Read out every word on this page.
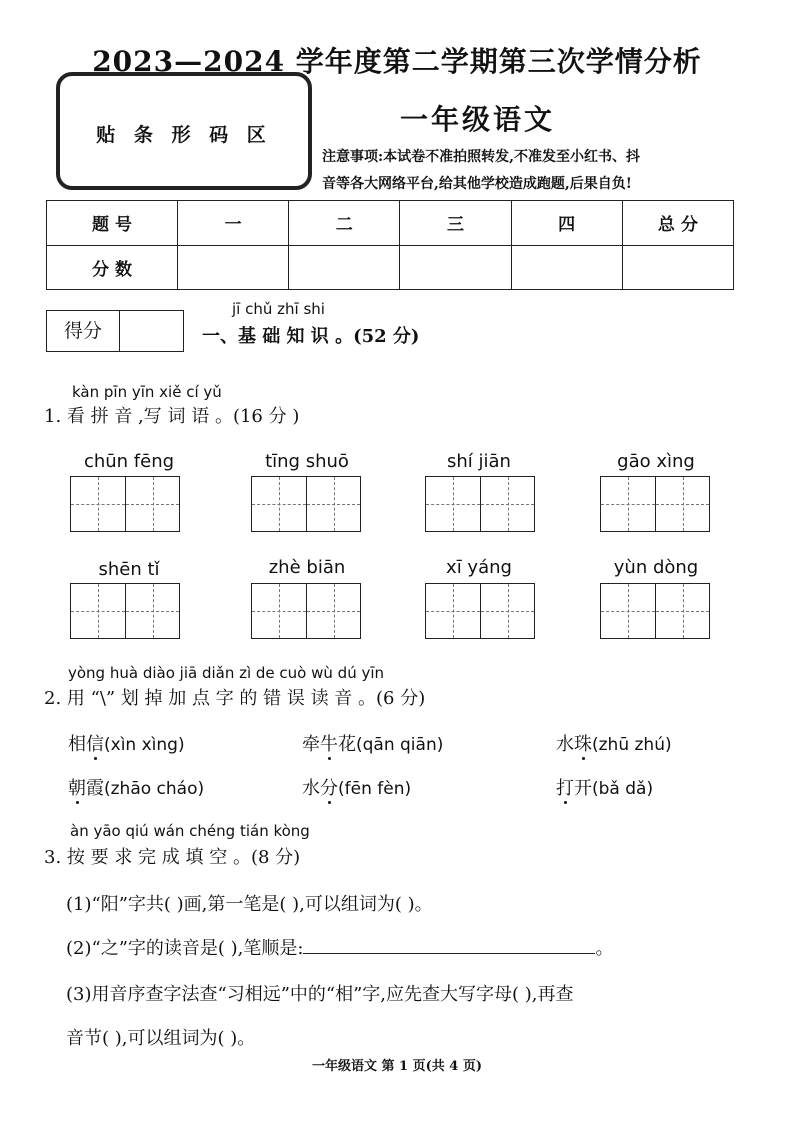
2023—2024 学年度第二学期第三次学情分析
贴 条 形 码 区	一年级语文
注意事项:本试卷不准拍照转发,不准发至小红书、抖
音等各大网络平台,给其他学校造成跑题,后果自负!
题 号	一	二	三	四	总 分
分 数					
得分
jī chǔ zhī shi
一、基 础 知 识 。(52 分)
kàn pīn yīn xiě cí yǔ
1. 看 拼 音 ,写 词 语 。(16 分 )
chūn fēng	tīng shuō	shí jiān	gāo xìng
shēn tǐ	zhè biān	xī yáng	yùn dòng
yòng huà diào jiā diǎn zì de cuò wù dú yīn
2. 用 “\” 划 掉 加 点 字 的 错 误 读 音 。(6 分)
相信(xìn xìng)	牵牛花(qān qiān)	水珠(zhū zhú)
朝霞(zhāo cháo)	水分(fēn fèn)	打开(bǎ dǎ)
àn yāo qiú wán chéng tián kòng
3. 按 要 求 完 成 填 空 。(8 分)
(1)“阳”字共( )画,第一笔是( ),可以组词为( )。
(2)“之”字的读音是( ),笔顺是:	。
(3)用音序查字法查“习相远”中的“相”字,应先查大写字母( ),再查
音节( ),可以组词为( )。
一年级语文 第 1 页(共 4 页)
